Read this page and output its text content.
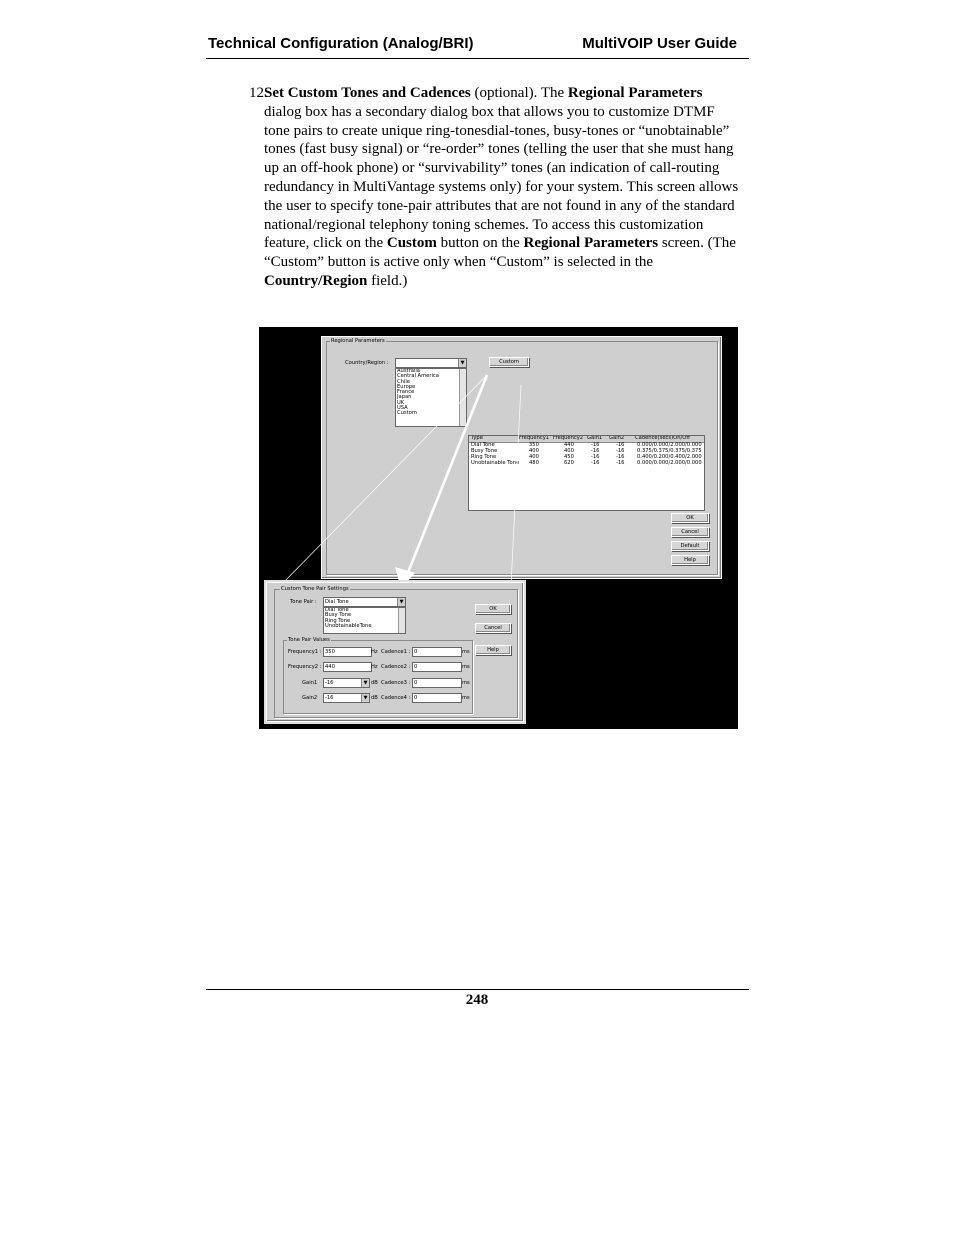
Technical Configuration (Analog/BRI)	MultiVOIP User Guide
12.
Set Custom Tones and Cadences (optional). The Regional Parameters dialog box has a secondary dialog box that allows you to customize DTMF tone pairs to create unique ring-tonesdial-tones, busy-tones or “unobtainable” tones (fast busy signal) or “re-order” tones (telling the user that she must hang up an off-hook phone) or “survivability” tones (an indication of call-routing redundancy in MultiVantage systems only) for your system. This screen allows the user to specify tone-pair attributes that are not found in any of the standard national/regional telephony toning schemes. To access this customization feature, click on the Custom button on the Regional Parameters screen. (The “Custom” button is active only when “Custom” is selected in the Country/Region field.)
Regional Parameters
Country/Region :	▼
Australia
Central America
Chile
Europe
France
Japan
UK
USA
Custom
Custom
Type	Frequency1 Frequency2 Gain1 Gain2 Cadence(secs)On/Off
Dial Tone	350	440	-16	-16 0.000/0.000/2.000/0.000
Busy Tone	400	400	-16	-16 0.375/0.375/0.375/0.375
Ring Tone	400	450	-16	-16 0.400/0.200/0.400/2.000
Unobtainable Tone 480	620	-16	-16 0.000/0.000/2.000/0.000
OK
Cancel
Default
Help
Custom Tone Pair Settings
Tone Pair :	Dial Tone	▼
Dial Tone
Busy Tone
Ring Tone
UnobtainableTone
OK
Cancel
Help
Tone Pair Values
Frequency1 : 350	Hz Cadence1 : 0	ms
Frequency2 : 440	Hz Cadence2 : 0	ms
Gain1	-16	▼ dB Cadence3 : 0	ms
Gain2	-16	▼ dB Cadence4 : 0	ms
248
